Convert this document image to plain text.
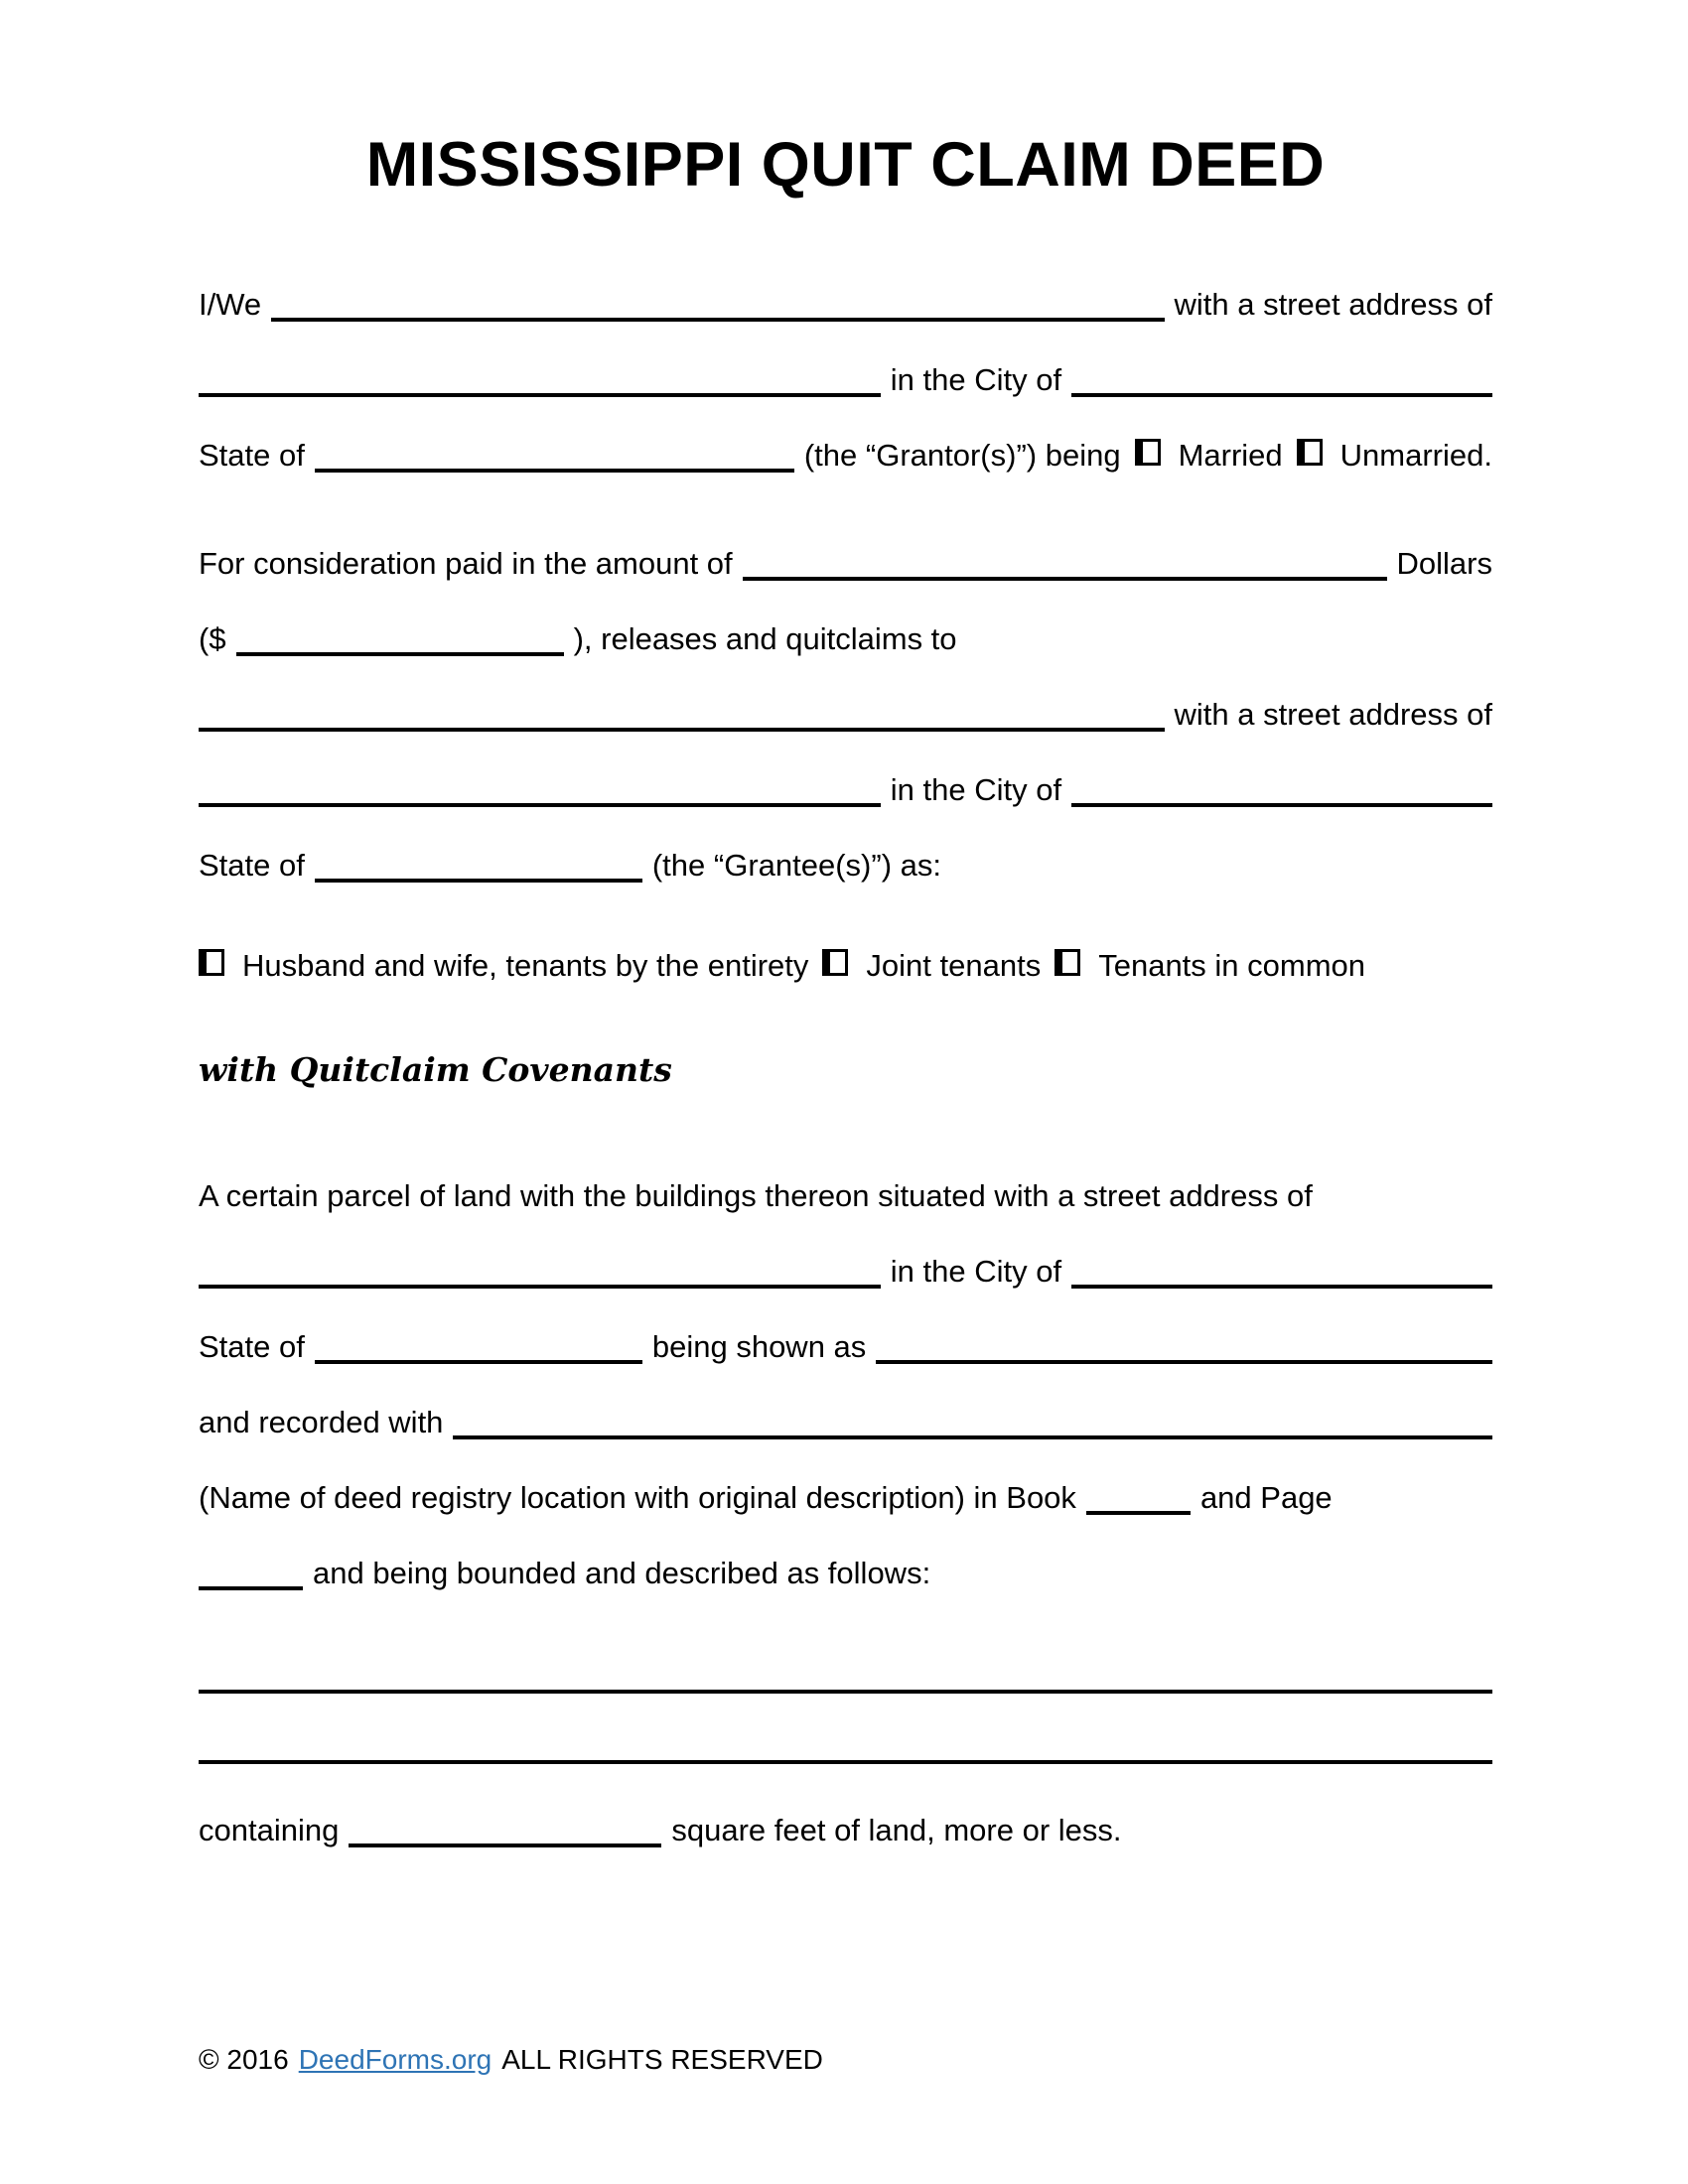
MISSISSIPPI QUIT CLAIM DEED
I/We	with a street address of
in the City of
State of	(the “Grantor(s)”) being Married Unmarried.
For consideration paid in the amount of	Dollars
($	), releases and quitclaims to
with a street address of
in the City of
State of	(the “Grantee(s)”) as:
Husband and wife, tenants by the entirety Joint tenants Tenants in common
with Quitclaim Covenants
A certain parcel of land with the buildings thereon situated with a street address of
in the City of
State of	being shown as
and recorded with
(Name of deed registry location with original description) in Book	and Page
and being bounded and described as follows:
containing	square feet of land, more or less.
© 2016 DeedForms.org ALL RIGHTS RESERVED
